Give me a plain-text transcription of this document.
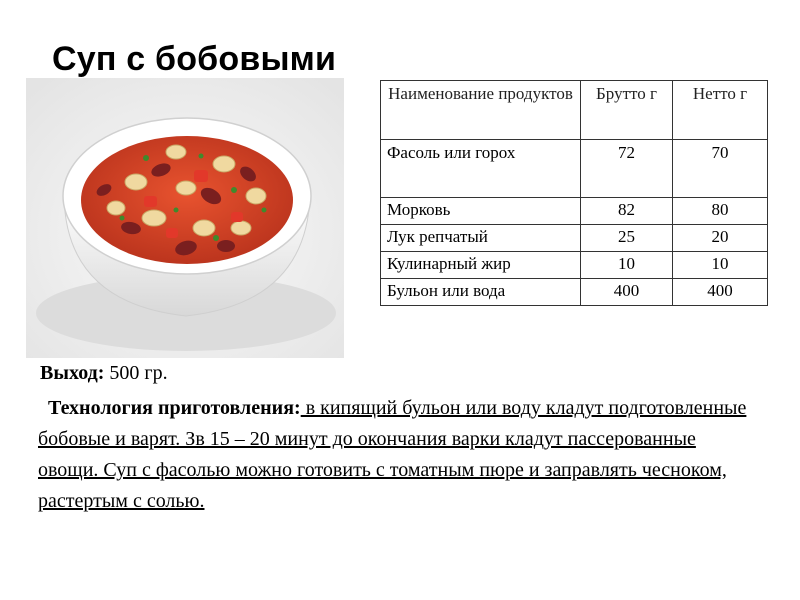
Суп с бобовыми
Наименование продуктов	Брутто г	Нетто г
Фасоль или горох	72	70
Морковь	82	80
Лук репчатый	25	20
Кулинарный жир	10	10
Бульон или вода	400	400
Выход: 500 гр.
Технология приготовления: в кипящий бульон или воду кладут подготовленные бобовые и варят. Зв 15 – 20 минут до окончания варки кладут пассерованные овощи. Суп с фасолью можно готовить с томатным пюре и заправлять чесноком, растертым с солью.
